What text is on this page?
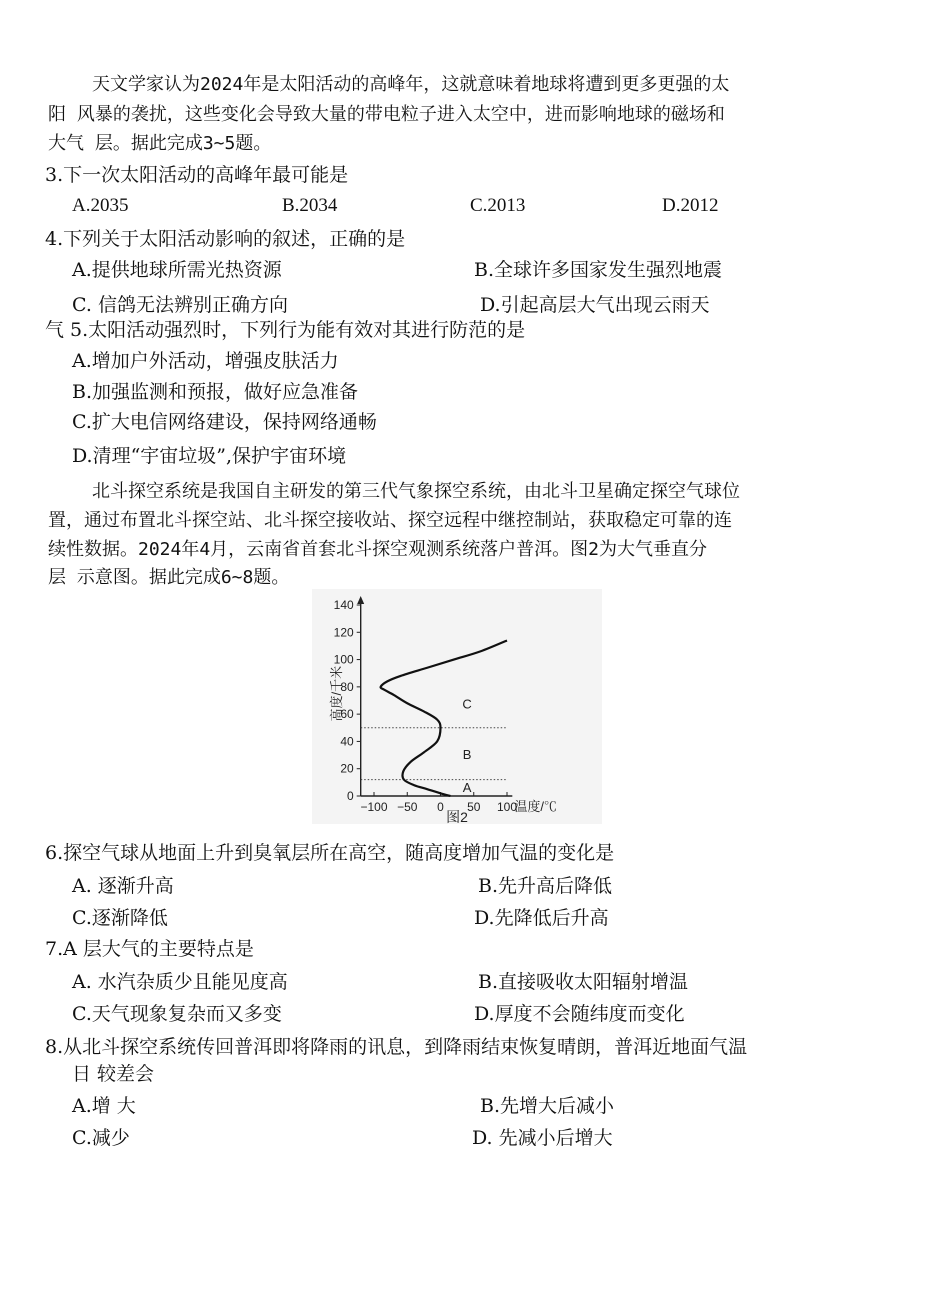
天文学家认为2024年是太阳活动的高峰年，这就意味着地球将遭到更多更强的太
阳 风暴的袭扰，这些变化会导致大量的带电粒子进入太空中，进而影响地球的磁场和
大气 层。据此完成3~5题。
3.下一次太阳活动的高峰年最可能是
A.2035	B.2034	C.2013	D.2012
4.下列关于太阳活动影响的叙述，正确的是
A.提供地球所需光热资源	B.全球许多国家发生强烈地震
C. 信鸽无法辨别正确方向	D.引起高层大气出现云雨天
气 5.太阳活动强烈时，下列行为能有效对其进行防范的是
A.增加户外活动，增强皮肤活力
B.加强监测和预报，做好应急准备
C.扩大电信网络建设，保持网络通畅
D.清理“宇宙垃圾”,保护宇宙环境
北斗探空系统是我国自主研发的第三代气象探空系统，由北斗卫星确定探空气球位
置，通过布置北斗探空站、北斗探空接收站、探空远程中继控制站，获取稳定可靠的连
续性数据。2024年4月，云南省首套北斗探空观测系统落户普洱。图2为大气垂直分
层 示意图。据此完成6~8题。
0
20
40
60
80
100
120
140
−100 −50 0 50 100
温度/℃
高度/千米
A
B
C
图2
6.探空气球从地面上升到臭氧层所在高空，随高度增加气温的变化是
A. 逐渐升高	B.先升高后降低
C.逐渐降低	D.先降低后升高
7.A 层大气的主要特点是
A. 水汽杂质少且能见度高	B.直接吸收太阳辐射增温
C.天气现象复杂而又多变	D.厚度不会随纬度而变化
8.从北斗探空系统传回普洱即将降雨的讯息，到降雨结束恢复晴朗，普洱近地面气温
日 较差会
A.增 大	B.先增大后减小
C.减少	D. 先减小后增大
